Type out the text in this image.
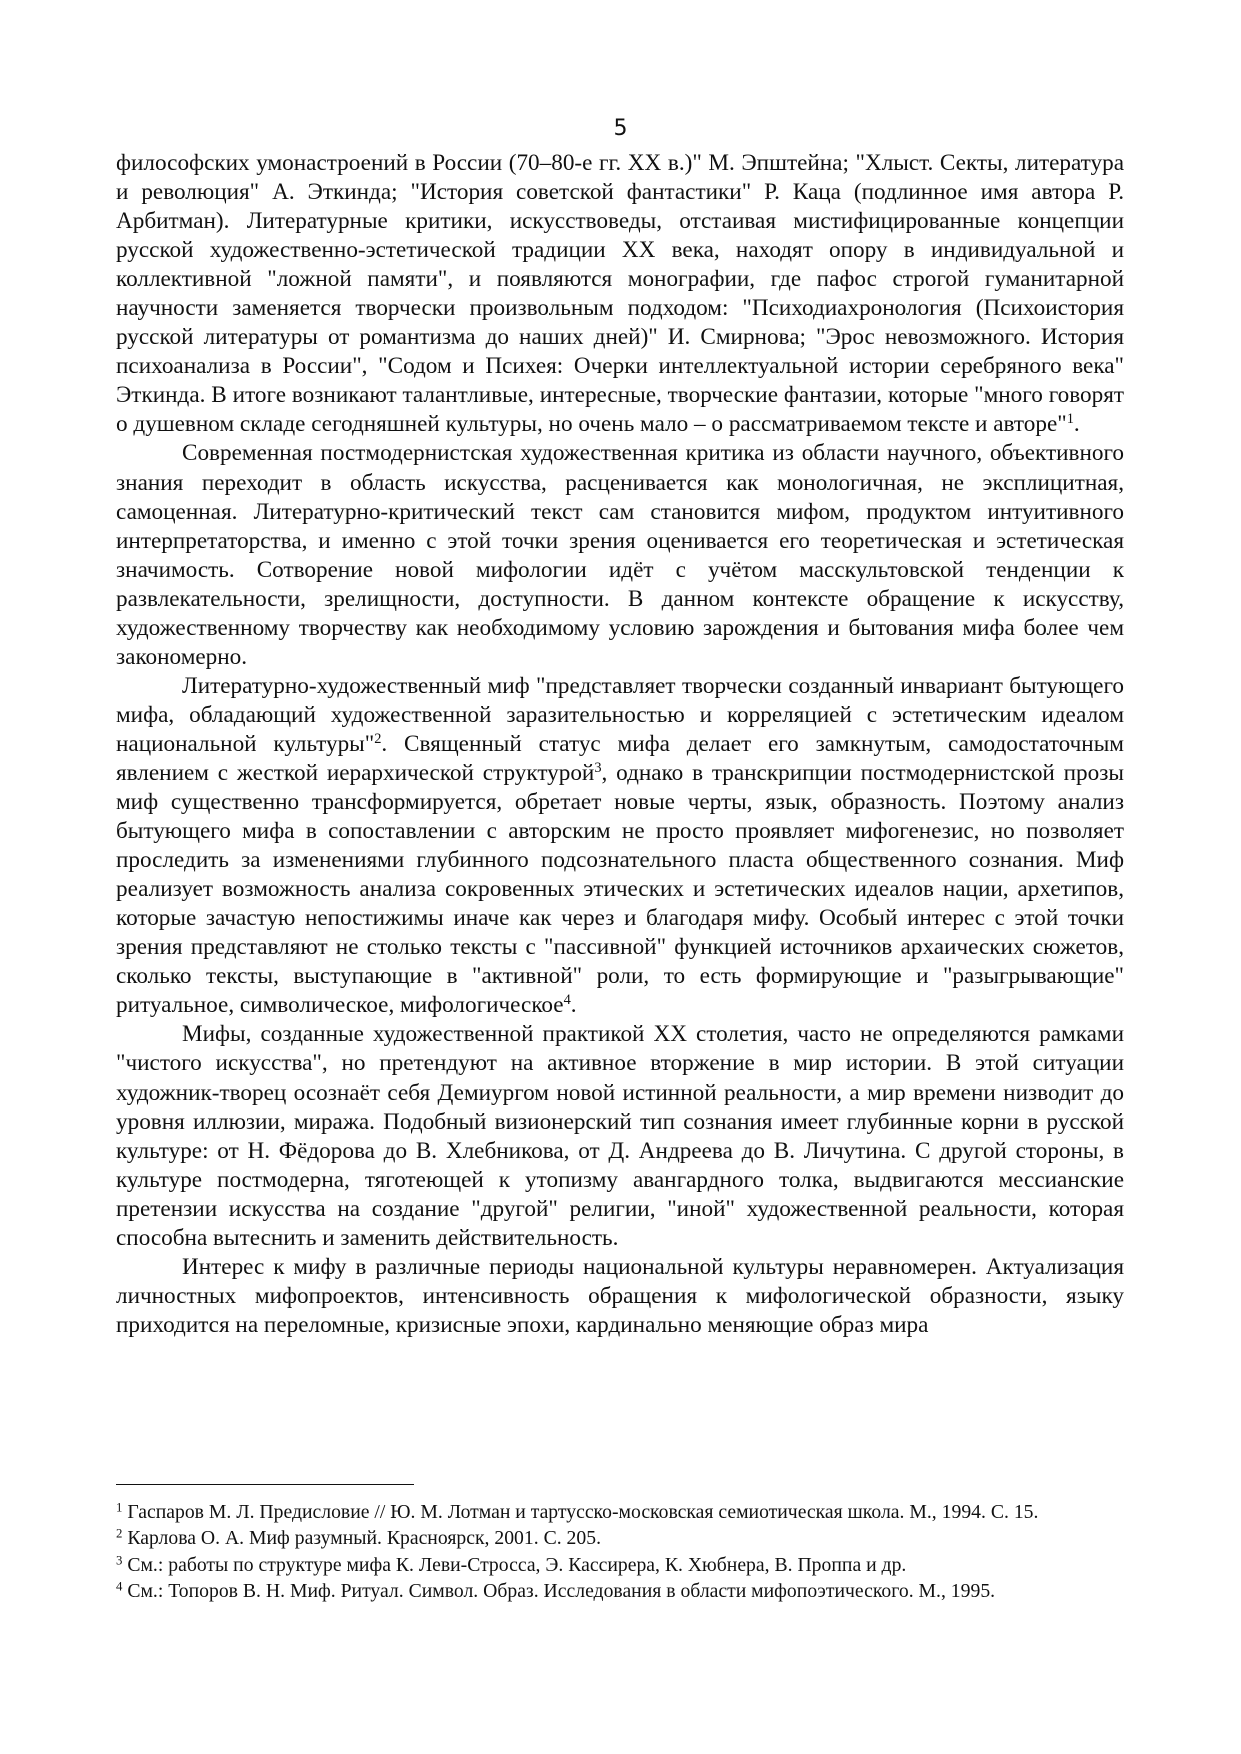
5

философских умонастроений в России (70–80-е гг. XX в.)" М. Эпштейна; "Хлыст. Секты, литература и революция" А. Эткинда; "История советской фантастики" Р. Каца (подлинное имя автора Р. Арбитман). Литературные критики, искусствоведы, отстаивая мистифицированные концепции русской художественно-эстетической традиции XX века, находят опору в индивидуальной и коллективной "ложной памяти", и появляются монографии, где пафос строгой гуманитарной научности заменяется творчески произвольным подходом: "Психодиахронология (Психоистория русской литературы от романтизма до наших дней)" И. Смирнова; "Эрос невозможного. История психоанализа в России", "Содом и Психея: Очерки интеллектуальной истории серебряного века" Эткинда. В итоге возникают талантливые, интересные, творческие фантазии, которые "много говорят о душевном складе сегодняшней культуры, но очень мало – о рассматриваемом тексте и авторе"$^1$.

Современная постмодернистская художественная критика из области научного, объективного знания переходит в область искусства, расценивается как монологичная, не эксплицитная, самоценная. Литературно-критический текст сам становится мифом, продуктом интуитивного интерпретаторства, и именно с этой точки зрения оценивается его теоретическая и эстетическая значимость. Сотворение новой мифологии идёт с учётом масскультовской тенденции к развлекательности, зрелищности, доступности. В данном контексте обращение к искусству, художественному творчеству как необходимому условию зарождения и бытования мифа более чем закономерно.

Литературно-художественный миф "представляет творчески созданный инвариант бытующего мифа, обладающий художественной заразительностью и корреляцией с эстетическим идеалом национальной культуры"$^2$. Священный статус мифа делает его замкнутым, самодостаточным явлением с жесткой иерархической структурой$^3$, однако в транскрипции постмодернистской прозы миф существенно трансформируется, обретает новые черты, язык, образность. Поэтому анализ бытующего мифа в сопоставлении с авторским не просто проявляет мифогенезис, но позволяет проследить за изменениями глубинного подсознательного пласта общественного сознания. Миф реализует возможность анализа сокровенных этических и эстетических идеалов нации, архетипов, которые зачастую непостижимы иначе как через и благодаря мифу. Особый интерес с этой точки зрения представляют не столько тексты с "пассивной" функцией источников архаических сюжетов, сколько тексты, выступающие в "активной" роли, то есть формирующие и "разыгрывающие" ритуальное, символическое, мифологическое$^4$.

Мифы, созданные художественной практикой XX столетия, часто не определяются рамками "чистого искусства", но претендуют на активное вторжение в мир истории. В этой ситуации художник-творец осознаёт себя Демиургом новой истинной реальности, а мир времени низводит до уровня иллюзии, миража. Подобный визионерский тип сознания имеет глубинные корни в русской культуре: от Н. Фёдорова до В. Хлебникова, от Д. Андреева до В. Личутина. С другой стороны, в культуре постмодерна, тяготеющей к утопизму авангардного толка, выдвигаются мессианские претензии искусства на создание "другой" религии, "иной" художественной реальности, которая способна вытеснить и заменить действительность.

Интерес к мифу в различные периоды национальной культуры неравномерен. Актуализация личностных мифопроектов, интенсивность обращения к мифологической образности, языку приходится на переломные, кризисные эпохи, кардинально меняющие образ мира

$^1$ Гаспаров М. Л. Предисловие // Ю. М. Лотман и тартусско-московская семиотическая школа. М., 1994. С. 15.

$^2$ Карлова О. А. Миф разумный. Красноярск, 2001. С. 205.

$^3$ См.: работы по структуре мифа К. Леви-Стросса, Э. Кассирера, К. Хюбнера, В. Проппа и др.

$^4$ См.: Топоров В. Н. Миф. Ритуал. Символ. Образ. Исследования в области мифопоэтического. М., 1995.
